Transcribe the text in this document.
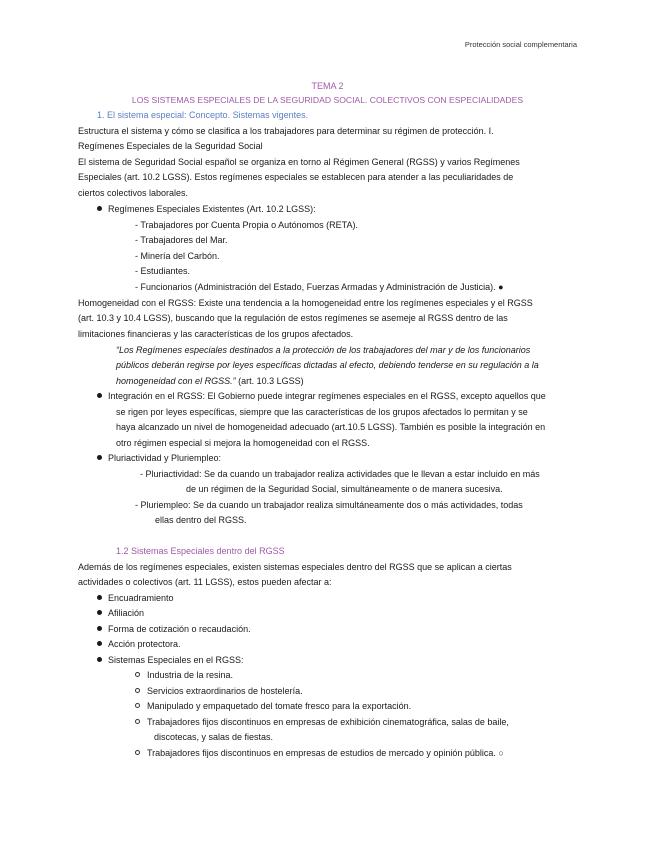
Protección social complementaria
TEMA 2
LOS SISTEMAS ESPECIALES DE LA SEGURIDAD SOCIAL. COLECTIVOS CON ESPECIALIDADES
1. El sistema especial: Concepto. Sistemas vigentes.
Estructura el sistema y cómo se clasifica a los trabajadores para determinar su régimen de protección. I.
Regímenes Especiales de la Seguridad Social
El sistema de Seguridad Social español se organiza en torno al Régimen General (RGSS) y varios Regímenes
Especiales (art. 10.2 LGSS). Estos regímenes especiales se establecen para atender a las peculiaridades de
ciertos colectivos laborales.
Regímenes Especiales Existentes (Art. 10.2 LGSS):
- Trabajadores por Cuenta Propia o Autónomos (RETA).
- Trabajadores del Mar.
- Minería del Carbón.
- Estudiantes.
- Funcionarios (Administración del Estado, Fuerzas Armadas y Administración de Justicia). ●
Homogeneidad con el RGSS: Existe una tendencia a la homogeneidad entre los regímenes especiales y el RGSS
(art. 10.3 y 10.4 LGSS), buscando que la regulación de estos regímenes se asemeje al RGSS dentro de las
limitaciones financieras y las características de los grupos afectados.
“Los Regímenes especiales destinados a la protección de los trabajadores del mar y de los funcionarios
públicos deberán regirse por leyes específicas dictadas al efecto, debiendo tenderse en su regulación a la
homogeneidad con el RGSS.” (art. 10.3 LGSS)
Integración en el RGSS: El Gobierno puede integrar regímenes especiales en el RGSS, excepto aquellos que
se rigen por leyes específicas, siempre que las características de los grupos afectados lo permitan y se
haya alcanzado un nivel de homogeneidad adecuado (art.10.5 LGSS). También es posible la integración en
otro régimen especial si mejora la homogeneidad con el RGSS.
Pluriactividad y Pluriempleo:
- Pluriactividad: Se da cuando un trabajador realiza actividades que le llevan a estar incluido en más
de un régimen de la Seguridad Social, simultáneamente o de manera sucesiva.
- Pluriempleo: Se da cuando un trabajador realiza simultáneamente dos o más actividades, todas
ellas dentro del RGSS.
1.2 Sistemas Especiales dentro del RGSS
Además de los regímenes especiales, existen sistemas especiales dentro del RGSS que se aplican a ciertas
actividades o colectivos (art. 11 LGSS), estos pueden afectar a:
Encuadramiento
Afiliación
Forma de cotización o recaudación.
Acción protectora.
Sistemas Especiales en el RGSS:
Industria de la resina.
Servicios extraordinarios de hostelería.
Manipulado y empaquetado del tomate fresco para la exportación.
Trabajadores fijos discontinuos en empresas de exhibición cinematográfica, salas de baile,
discotecas, y salas de fiestas.
Trabajadores fijos discontinuos en empresas de estudios de mercado y opinión pública. ○
